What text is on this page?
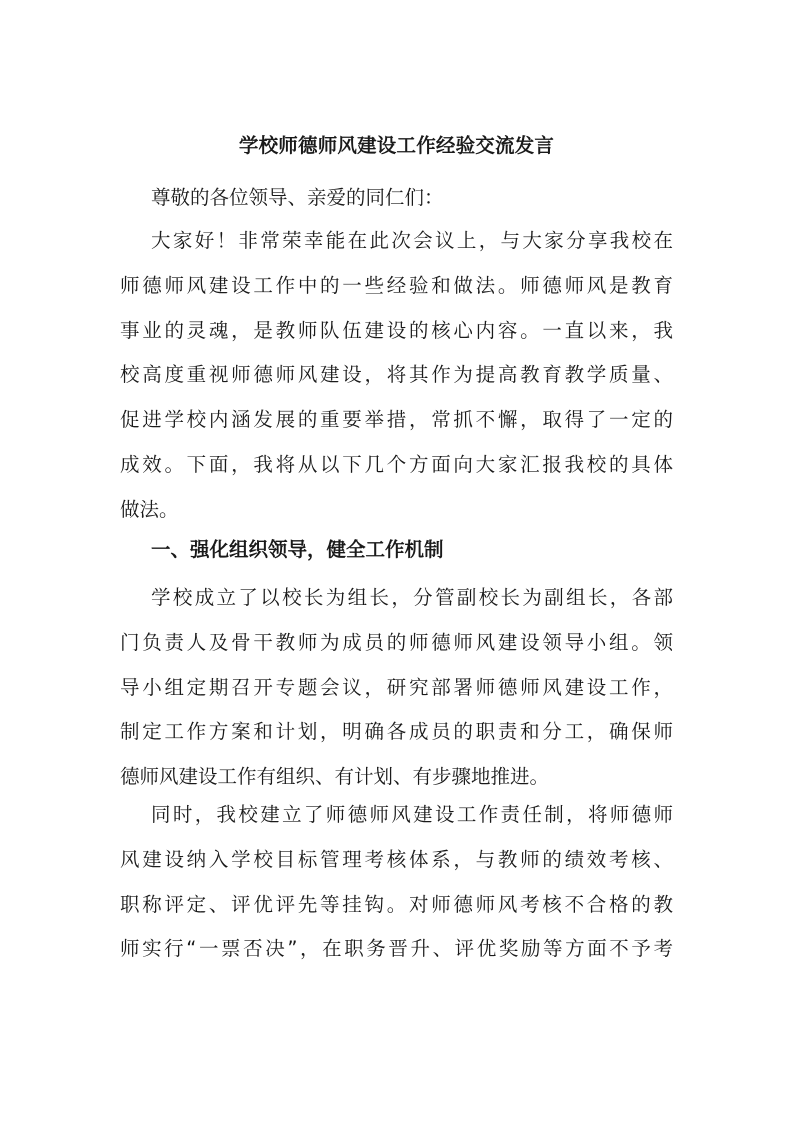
学校师德师风建设工作经验交流发言
尊敬的各位领导、亲爱的同仁们：
大家好！非常荣幸能在此次会议上，与大家分享我校在
师德师风建设工作中的一些经验和做法。师德师风是教育
事业的灵魂，是教师队伍建设的核心内容。一直以来，我
校高度重视师德师风建设，将其作为提高教育教学质量、
促进学校内涵发展的重要举措，常抓不懈，取得了一定的
成效。下面，我将从以下几个方面向大家汇报我校的具体
做法。
一、强化组织领导，健全工作机制
学校成立了以校长为组长，分管副校长为副组长，各部
门负责人及骨干教师为成员的师德师风建设领导小组。领
导小组定期召开专题会议，研究部署师德师风建设工作，
制定工作方案和计划，明确各成员的职责和分工，确保师
德师风建设工作有组织、有计划、有步骤地推进。
同时，我校建立了师德师风建设工作责任制，将师德师
风建设纳入学校目标管理考核体系，与教师的绩效考核、
职称评定、评优评先等挂钩。对师德师风考核不合格的教
师实行“一票否决”，在职务晋升、评优奖励等方面不予考
